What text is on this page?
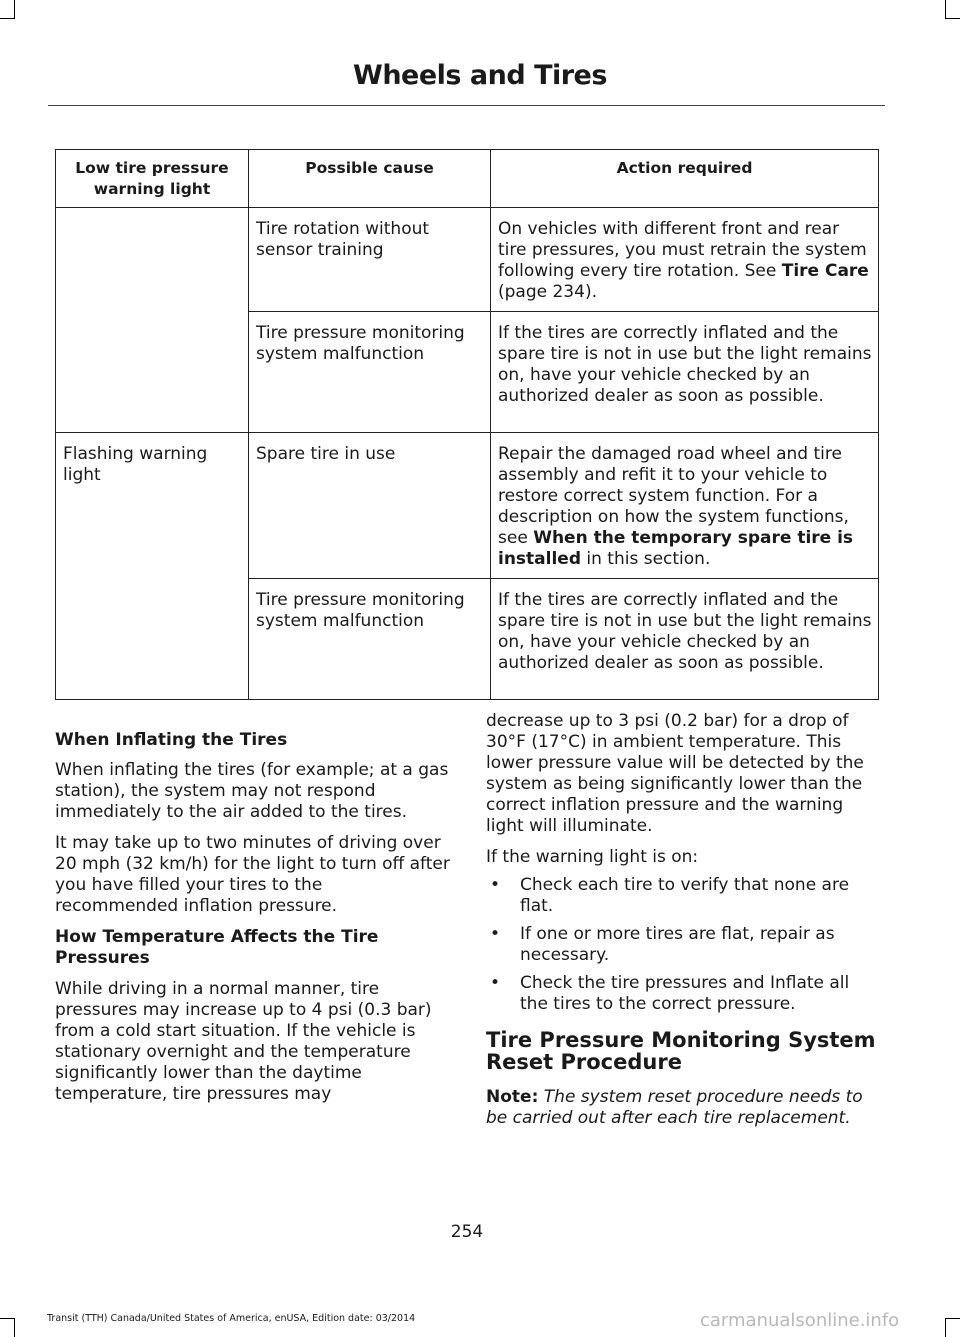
Wheels and Tires
Low tire pressure warning light	Possible cause	Action required
	Tire rotation without sensor training	On vehicles with different front and rear tire pressures, you must retrain the system following every tire rotation. See Tire Care (page 234).
	Tire pressure monitoring system malfunction	If the tires are correctly inflated and the spare tire is not in use but the light remains on, have your vehicle checked by an authorized dealer as soon as possible.
Flashing warning light	Spare tire in use	Repair the damaged road wheel and tire assembly and refit it to your vehicle to restore correct system function. For a description on how the system functions, see When the temporary spare tire is installed in this section.
	Tire pressure monitoring system malfunction	If the tires are correctly inflated and the spare tire is not in use but the light remains on, have your vehicle checked by an authorized dealer as soon as possible.
When Inflating the Tires

When inflating the tires (for example; at a gas station), the system may not respond immediately to the air added to the tires.

It may take up to two minutes of driving over 20 mph (32 km/h) for the light to turn off after you have filled your tires to the recommended inflation pressure.

How Temperature Affects the Tire Pressures

While driving in a normal manner, tire pressures may increase up to 4 psi (0.3 bar) from a cold start situation. If the vehicle is stationary overnight and the temperature significantly lower than the daytime temperature, tire pressures may

decrease up to 3 psi (0.2 bar) for a drop of 30°F (17°C) in ambient temperature. This lower pressure value will be detected by the system as being significantly lower than the correct inflation pressure and the warning light will illuminate.

If the warning light is on:

• Check each tire to verify that none are flat.
• If one or more tires are flat, repair as necessary.
• Check the tire pressures and Inflate all the tires to the correct pressure.
Tire Pressure Monitoring System Reset Procedure

Note: The system reset procedure needs to be carried out after each tire replacement.

254
Transit (TTH) Canada/United States of America, enUSA, Edition date: 03/2014	carmanualsonline.info
